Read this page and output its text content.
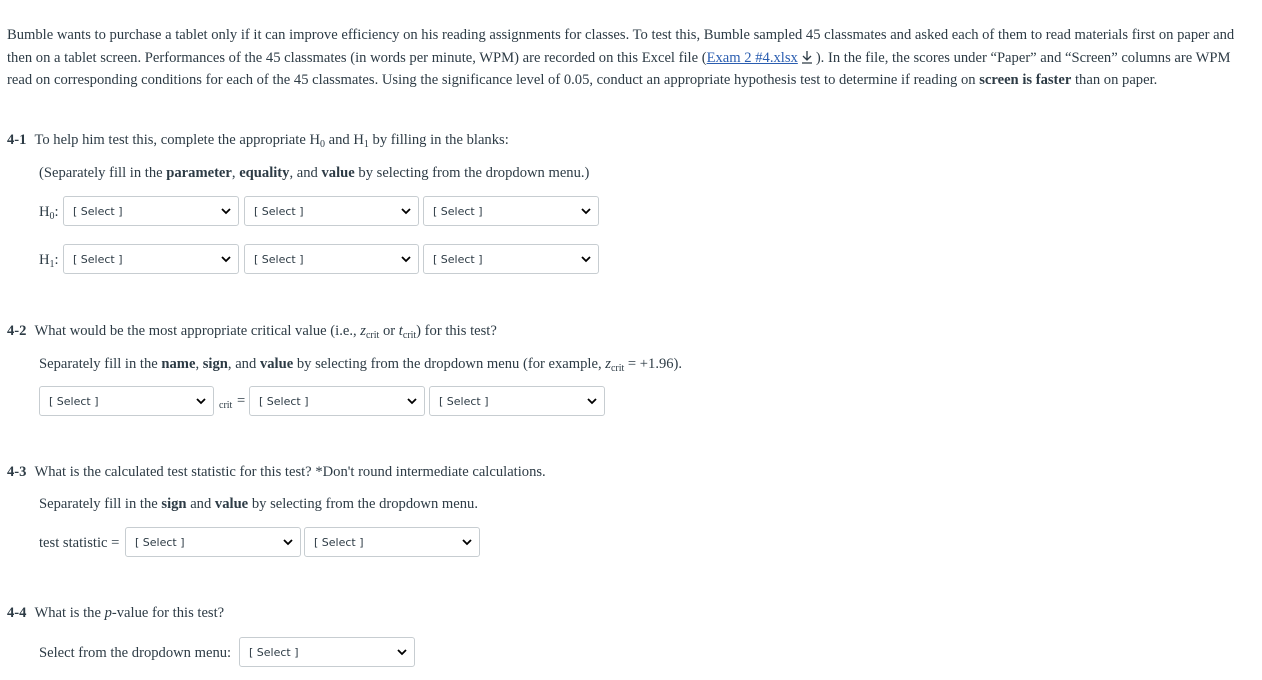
Bumble wants to purchase a tablet only if it can improve efficiency on his reading assignments for classes. To test this, Bumble sampled 45 classmates and asked each of them to read materials first on paper and then on a tablet screen. Performances of the 45 classmates (in words per minute, WPM) are recorded on this Excel file (Exam 2 #4.xlsx ). In the file, the scores under “Paper” and “Screen” columns are WPM read on corresponding conditions for each of the 45 classmates. Using the significance level of 0.05, conduct an appropriate hypothesis test to determine if reading on screen is faster than on paper.
4-1 To help him test this, complete the appropriate $H_0$ and $H_1$ by filling in the blanks:
(Separately fill in the parameter, equality, and value by selecting from the dropdown menu.)
$H_0$: [ Select ]	[ Select ]	[ Select ]
$H_1$: [ Select ]	[ Select ]	[ Select ]
4-2 What would be the most appropriate critical value (i.e., $z_{crit}$ or $t_{crit}$) for this test?
Separately fill in the name, sign, and value by selecting from the dropdown menu (for example, $z_{crit} = +1.96$).
[ Select ]	crit = [ Select ]	[ Select ]
4-3 What is the calculated test statistic for this test? *Don't round intermediate calculations.
Separately fill in the sign and value by selecting from the dropdown menu.
test statistic = [ Select ]	[ Select ]
4-4 What is the p-value for this test?
Select from the dropdown menu: [ Select ]
